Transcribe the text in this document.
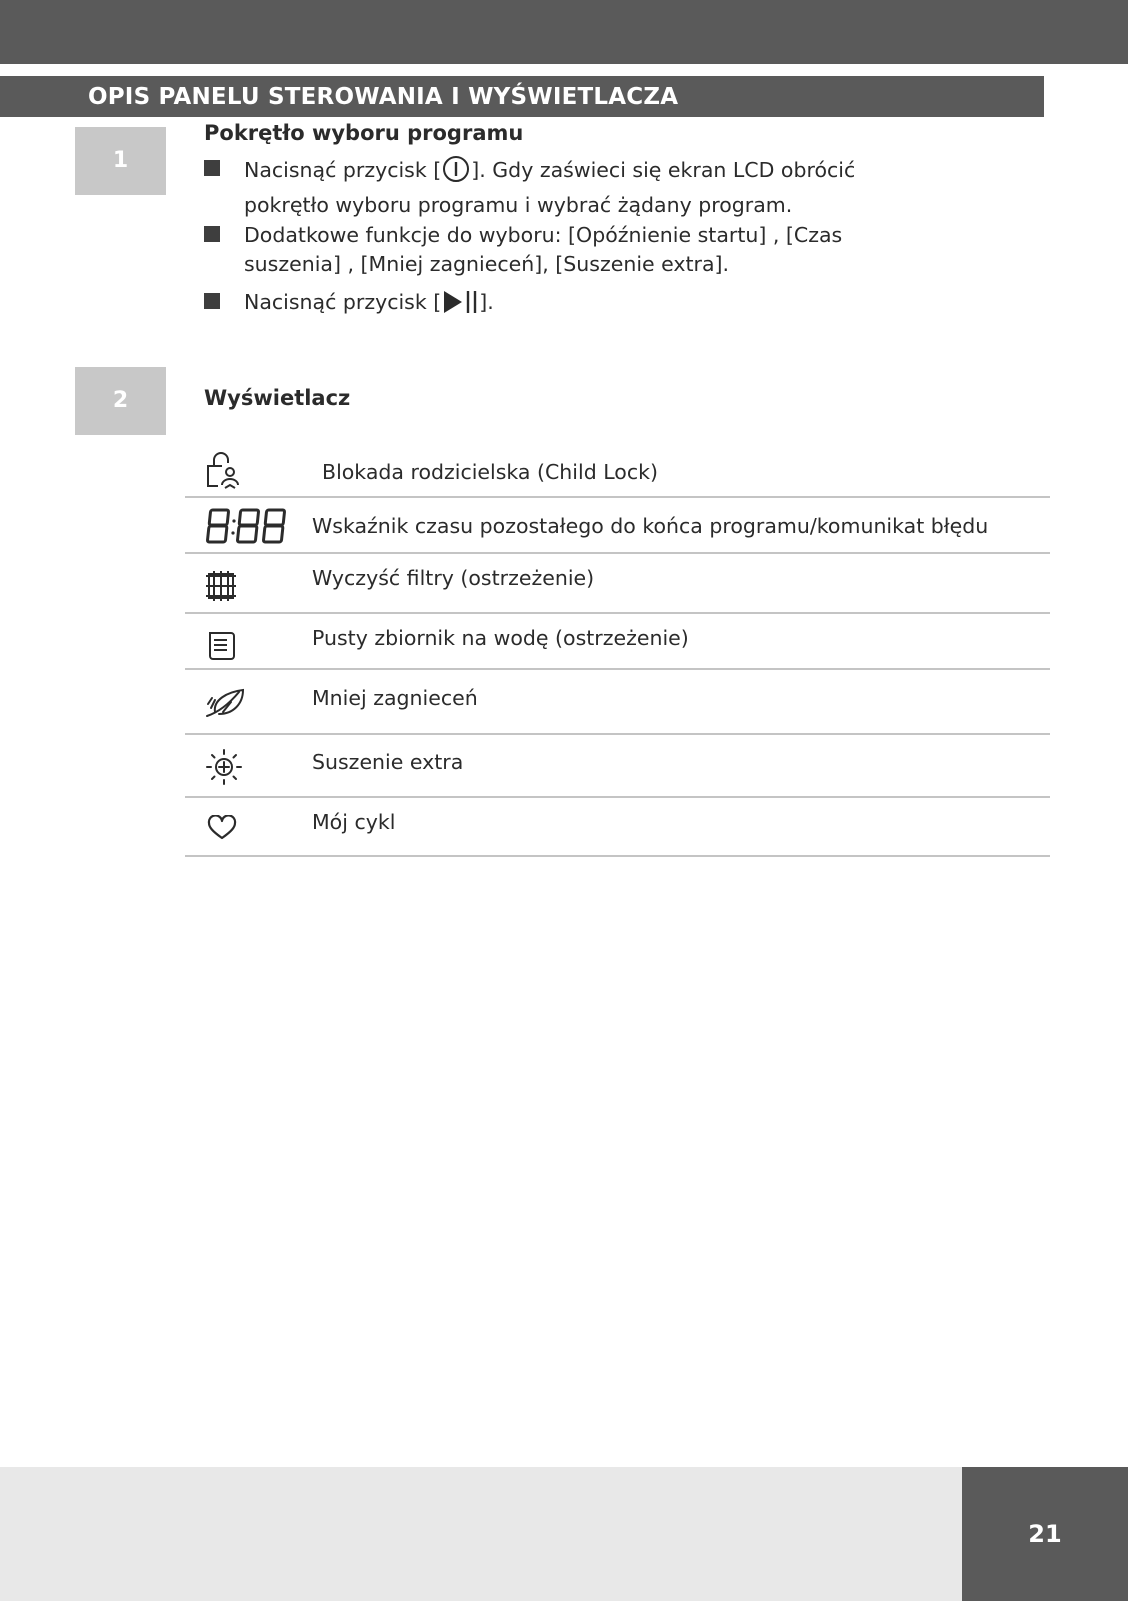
OPIS PANELU STEROWANIA I WYŚWIETLACZA
1
Pokrętło wyboru programu
Nacisnąć przycisk [ ]. Gdy zaświeci się ekran LCD obrócić pokrętło wyboru programu i wybrać żądany program.
Dodatkowe funkcje do wyboru: [Opóźnienie startu] , [Czas suszenia] , [Mniej zagnieceń], [Suszenie extra].
Nacisnąć przycisk [ ].
2	Wyświetlacz
Blokada rodzicielska (Child Lock)
Wskaźnik czasu pozostałego do końca programu/komunikat błędu
Wyczyść filtry (ostrzeżenie)
Pusty zbiornik na wodę (ostrzeżenie)
Mniej zagnieceń
Suszenie extra
Mój cykl
21
